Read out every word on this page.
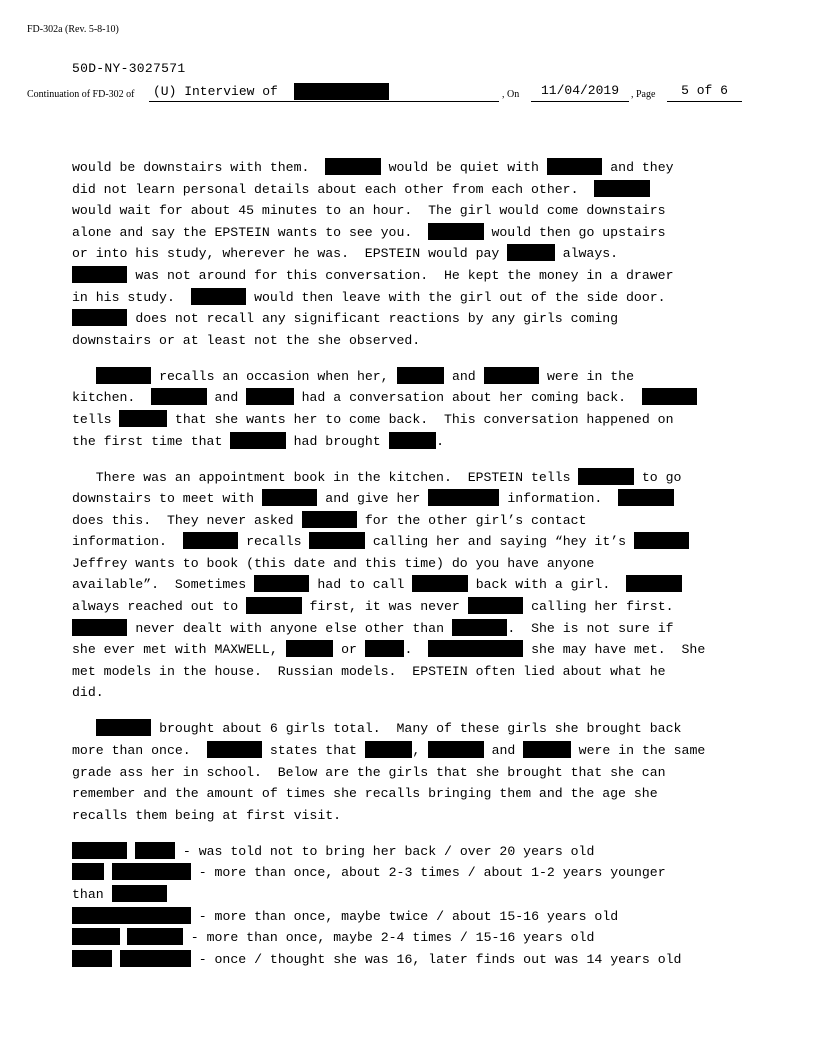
FD-302a (Rev. 5-8-10)
50D-NY-3027571
Continuation of FD-302 of	(U) Interview of	, On	11/04/2019	, Page	5 of 6
would be downstairs with them.	would be quiet with	and they
did not learn personal details about each other from each other.
would wait for about 45 minutes to an hour.  The girl would come downstairs
alone and say the EPSTEIN wants to see you.	would then go upstairs
or into his study, wherever he was.  EPSTEIN would pay	always.
was not around for this conversation.  He kept the money in a drawer
in his study.	would then leave with the girl out of the side door.
does not recall any significant reactions by any girls coming
downstairs or at least not the she observed.
recalls an occasion when her,	and	were in the
kitchen.	and	had a conversation about her coming back.
tells	that she wants her to come back.  This conversation happened on
the first time that	had brought	.
There was an appointment book in the kitchen.  EPSTEIN tells	to go
downstairs to meet with	and give her	information.
does this.  They never asked	for the other girl’s contact
information.	recalls	calling her and saying “hey it’s
Jeffrey wants to book (this date and this time) do you have anyone
available”.  Sometimes	had to call	back with a girl.
always reached out to	first, it was never	calling her first.
never dealt with anyone else other than	.  She is not sure if
she ever met with MAXWELL,	or	.	she may have met.  She
met models in the house.  Russian models.  EPSTEIN often lied about what he
did.
brought about 6 girls total.  Many of these girls she brought back
more than once.	states that	,	and	were in the same
grade ass her in school.  Below are the girls that she brought that she can
remember and the amount of times she recalls bringing them and the age she
recalls them being at first visit.
- was told not to bring her back / over 20 years old
- more than once, about 2-3 times / about 1-2 years younger
than
- more than once, maybe twice / about 15-16 years old
- more than once, maybe 2-4 times / 15-16 years old
- once / thought she was 16, later finds out was 14 years old
